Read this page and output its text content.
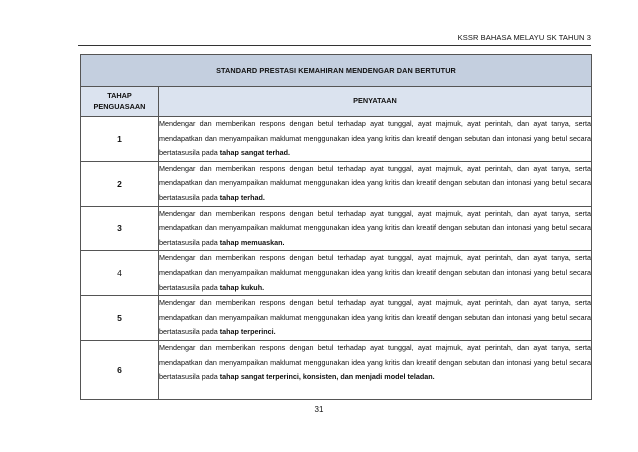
KSSR BAHASA MELAYU SK TAHUN 3
STANDARD PRESTASI KEMAHIRAN MENDENGAR DAN BERTUTUR	
TAHAP PENGUASAAN	PENYATAAN
1	Mendengar dan memberikan respons dengan betul terhadap ayat tunggal, ayat majmuk, ayat perintah, dan ayat tanya, serta mendapatkan dan menyampaikan maklumat menggunakan idea yang kritis dan kreatif dengan sebutan dan intonasi yang betul secara bertatasusila pada tahap sangat terhad.
2	Mendengar dan memberikan respons dengan betul terhadap ayat tunggal, ayat majmuk, ayat perintah, dan ayat tanya, serta mendapatkan dan menyampaikan maklumat menggunakan idea yang kritis dan kreatif dengan sebutan dan intonasi yang betul secara bertatasusila pada tahap terhad.
3	Mendengar dan memberikan respons dengan betul terhadap ayat tunggal, ayat majmuk, ayat perintah, dan ayat tanya, serta mendapatkan dan menyampaikan maklumat menggunakan idea yang kritis dan kreatif dengan sebutan dan intonasi yang betul secara bertatasusila pada tahap memuaskan.
4	Mendengar dan memberikan respons dengan betul terhadap ayat tunggal, ayat majmuk, ayat perintah, dan ayat tanya, serta mendapatkan dan menyampaikan maklumat menggunakan idea yang kritis dan kreatif dengan sebutan dan intonasi yang betul secara bertatasusila pada tahap kukuh.
5	Mendengar dan memberikan respons dengan betul terhadap ayat tunggal, ayat majmuk, ayat perintah, dan ayat tanya, serta mendapatkan dan menyampaikan maklumat menggunakan idea yang kritis dan kreatif dengan sebutan dan intonasi yang betul secara bertatasusila pada tahap terperinci.
6	Mendengar dan memberikan respons dengan betul terhadap ayat tunggal, ayat majmuk, ayat perintah, dan ayat tanya, serta mendapatkan dan menyampaikan maklumat menggunakan idea yang kritis dan kreatif dengan sebutan dan intonasi yang betul secara bertatasusila pada tahap sangat terperinci, konsisten, dan menjadi model teladan.
31
